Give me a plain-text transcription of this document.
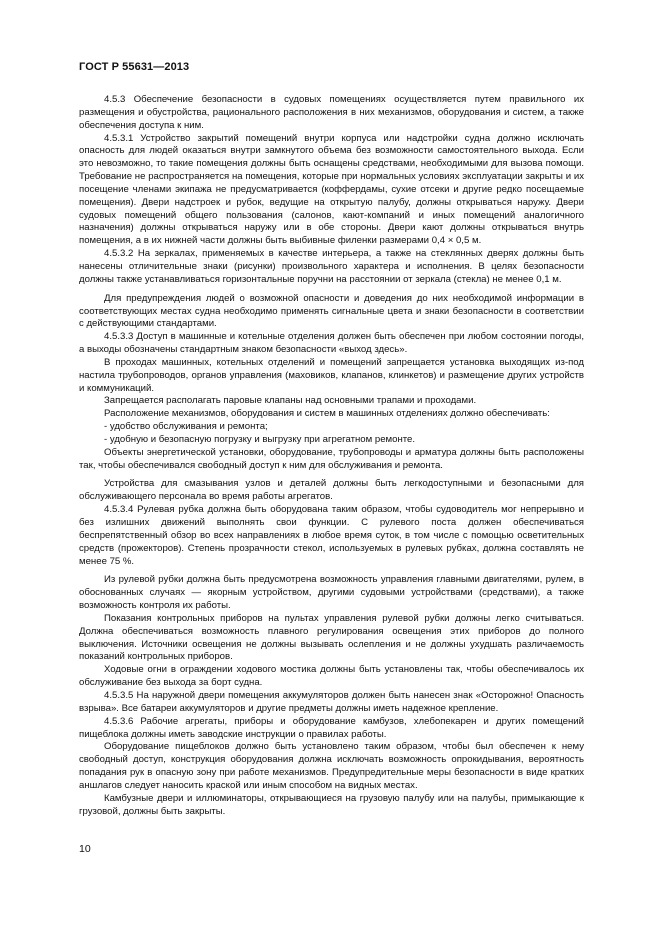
ГОСТ Р 55631—2013

4.5.3 Обеспечение безопасности в судовых помещениях осуществляется путем правильного их размещения и обустройства, рационального расположения в них механизмов, оборудования и систем, а также обеспечения доступа к ним.

4.5.3.1 Устройство закрытий помещений внутри корпуса или надстройки судна должно исключать опасность для людей оказаться внутри замкнутого объема без возможности самостоятельного выхода. Если это невозможно, то такие помещения должны быть оснащены средствами, необходимыми для вызова помощи. Требование не распространяется на помещения, которые при нормальных условиях эксплуатации закрыты и их посещение членами экипажа не предусматривается (коффердамы, сухие отсеки и другие редко посещаемые помещения). Двери надстроек и рубок, ведущие на открытую палубу, должны открываться наружу. Двери судовых помещений общего пользования (салонов, кают-компаний и иных помещений аналогичного назначения) должны открываться наружу или в обе стороны. Двери кают должны открываться внутрь помещения, а в их нижней части должны быть выбивные филенки размерами 0,4 × 0,5 м.

4.5.3.2 На зеркалах, применяемых в качестве интерьера, а также на стеклянных дверях должны быть нанесены отличительные знаки (рисунки) произвольного характера и исполнения. В целях безопасности должны также устанавливаться горизонтальные поручни на расстоянии от зеркала (стекла) не менее 0,1 м.

Для предупреждения людей о возможной опасности и доведения до них необходимой информации в соответствующих местах судна необходимо применять сигнальные цвета и знаки безопасности в соответствии с действующими стандартами.

4.5.3.3 Доступ в машинные и котельные отделения должен быть обеспечен при любом состоянии погоды, а выходы обозначены стандартным знаком безопасности «выход здесь».

В проходах машинных, котельных отделений и помещений запрещается установка выходящих из-под настила трубопроводов, органов управления (маховиков, клапанов, клинкетов) и размещение других устройств и коммуникаций.

Запрещается располагать паровые клапаны над основными трапами и проходами.

Расположение механизмов, оборудования и систем в машинных отделениях должно обеспечивать:

- удобство обслуживания и ремонта;

- удобную и безопасную погрузку и выгрузку при агрегатном ремонте.

Объекты энергетической установки, оборудование, трубопроводы и арматура должны быть расположены так, чтобы обеспечивался свободный доступ к ним для обслуживания и ремонта.

Устройства для смазывания узлов и деталей должны быть легкодоступными и безопасными для обслуживающего персонала во время работы агрегатов.

4.5.3.4 Рулевая рубка должна быть оборудована таким образом, чтобы судоводитель мог непрерывно и без излишних движений выполнять свои функции. С рулевого поста должен обеспечиваться беспрепятственный обзор во всех направлениях в любое время суток, в том числе с помощью осветительных средств (прожекторов). Степень прозрачности стекол, используемых в рулевых рубках, должна составлять не менее 75 %.

Из рулевой рубки должна быть предусмотрена возможность управления главными двигателями, рулем, в обоснованных случаях — якорным устройством, другими судовыми устройствами (средствами), а также возможность контроля их работы.

Показания контрольных приборов на пультах управления рулевой рубки должны легко считываться. Должна обеспечиваться возможность плавного регулирования освещения этих приборов до полного выключения. Источники освещения не должны вызывать ослепления и не должны ухудшать различаемость показаний контрольных приборов.

Ходовые огни в ограждении ходового мостика должны быть установлены так, чтобы обеспечивалось их обслуживание без выхода за борт судна.

4.5.3.5 На наружной двери помещения аккумуляторов должен быть нанесен знак «Осторожно! Опасность взрыва». Все батареи аккумуляторов и другие предметы должны иметь надежное крепление.

4.5.3.6 Рабочие агрегаты, приборы и оборудование камбузов, хлебопекарен и других помещений пищеблока должны иметь заводские инструкции о правилах работы.

Оборудование пищеблоков должно быть установлено таким образом, чтобы был обеспечен к нему свободный доступ, конструкция оборудования должна исключать возможность опрокидывания, вероятность попадания рук в опасную зону при работе механизмов. Предупредительные меры безопасности в виде кратких аншлагов следует наносить краской или иным способом на видных местах.

Камбузные двери и иллюминаторы, открывающиеся на грузовую палубу или на палубы, примыкающие к грузовой, должны быть закрыты.

10
